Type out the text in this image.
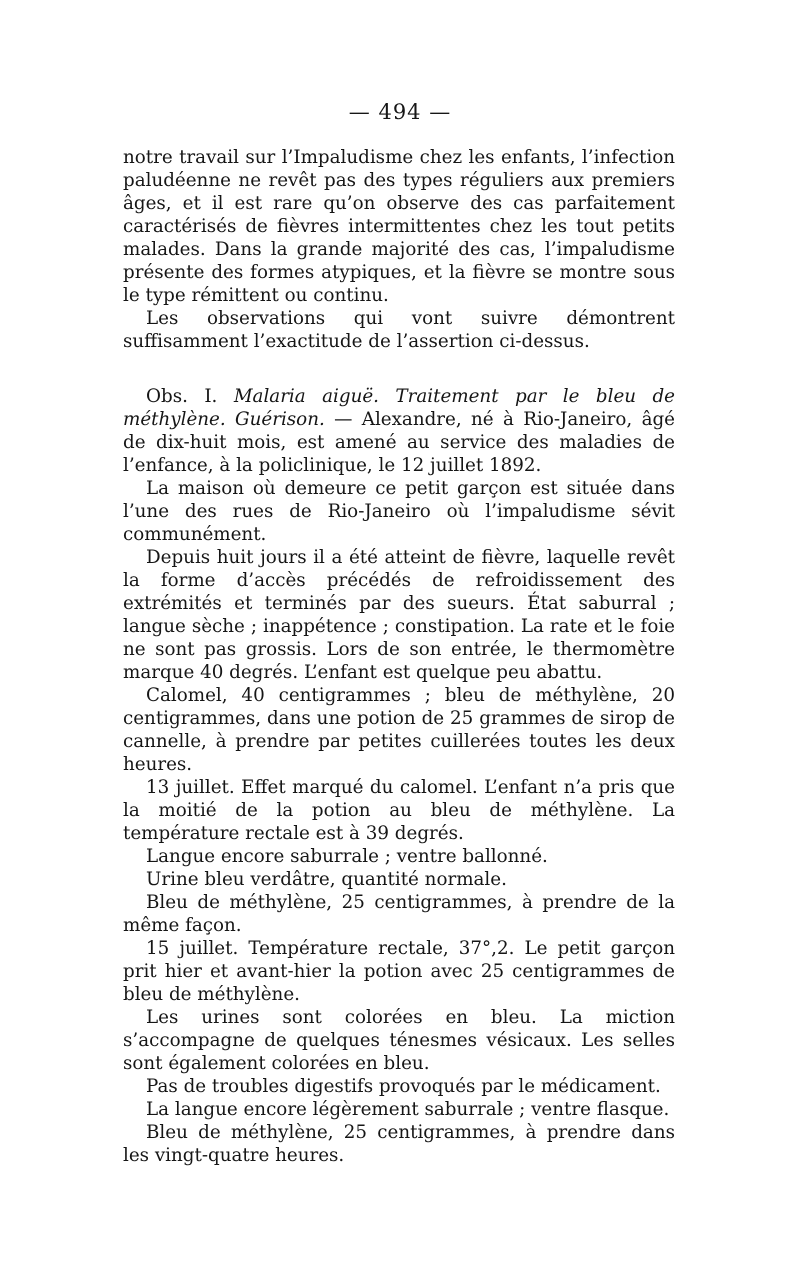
— 494 —

notre travail sur l’Impaludisme chez les enfants, l’infection paludéenne ne revêt pas des types réguliers aux premiers âges, et il est rare qu’on observe des cas parfaitement caractérisés de fièvres intermittentes chez les tout petits malades. Dans la grande majorité des cas, l’impaludisme présente des formes atypiques, et la fièvre se montre sous le type rémittent ou continu.

Les observations qui vont suivre démontrent suffisamment l’exactitude de l’assertion ci-dessus.

Obs. I. Malaria aiguë. Traitement par le bleu de méthylène. Guérison. — Alexandre, né à Rio-Janeiro, âgé de dix-huit mois, est amené au service des maladies de l’enfance, à la policlinique, le 12 juillet 1892.

La maison où demeure ce petit garçon est située dans l’une des rues de Rio-Janeiro où l’impaludisme sévit communément.

Depuis huit jours il a été atteint de fièvre, laquelle revêt la forme d’accès précédés de refroidissement des extrémités et terminés par des sueurs. État saburral ; langue sèche ; inappétence ; constipation. La rate et le foie ne sont pas grossis. Lors de son entrée, le thermomètre marque 40 degrés. L’enfant est quelque peu abattu.

Calomel, 40 centigrammes ; bleu de méthylène, 20 centigrammes, dans une potion de 25 grammes de sirop de cannelle, à prendre par petites cuillerées toutes les deux heures.

13 juillet. Effet marqué du calomel. L’enfant n’a pris que la moitié de la potion au bleu de méthylène. La température rectale est à 39 degrés.

Langue encore saburrale ; ventre ballonné.

Urine bleu verdâtre, quantité normale.

Bleu de méthylène, 25 centigrammes, à prendre de la même façon.

15 juillet. Température rectale, 37°,2. Le petit garçon prit hier et avant-hier la potion avec 25 centigrammes de bleu de méthylène.

Les urines sont colorées en bleu. La miction s’accompagne de quelques ténesmes vésicaux. Les selles sont également colorées en bleu.

Pas de troubles digestifs provoqués par le médicament.

La langue encore légèrement saburrale ; ventre flasque.

Bleu de méthylène, 25 centigrammes, à prendre dans les vingt-quatre heures.
